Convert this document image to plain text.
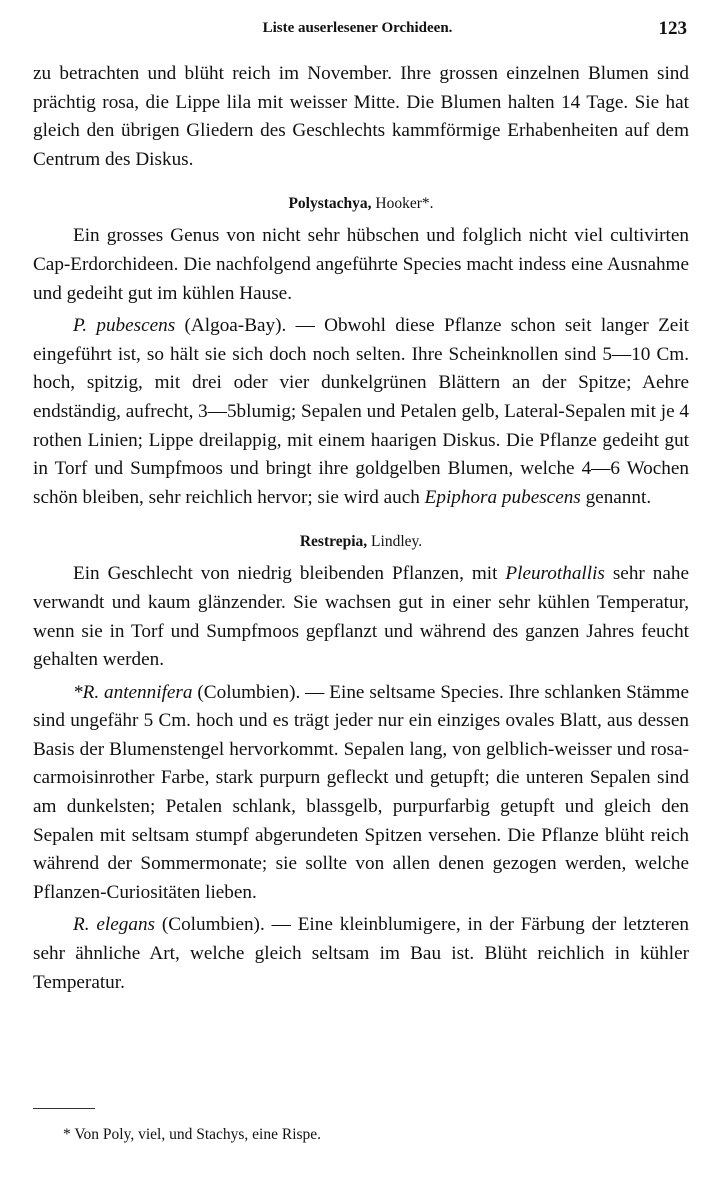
Liste auserlesener Orchideen.	123

zu betrachten und blüht reich im November. Ihre grossen einzelnen Blumen sind prächtig rosa, die Lippe lila mit weisser Mitte. Die Blumen halten 14 Tage. Sie hat gleich den übrigen Gliedern des Geschlechts kammförmige Erhabenheiten auf dem Centrum des Diskus.

Polystachya, Hooker*.

Ein grosses Genus von nicht sehr hübschen und folglich nicht viel cultivirten Cap-Erdorchideen. Die nachfolgend angeführte Species macht indess eine Ausnahme und gedeiht gut im kühlen Hause.

P. pubescens (Algoa-Bay). — Obwohl diese Pflanze schon seit langer Zeit eingeführt ist, so hält sie sich doch noch selten. Ihre Scheinknollen sind 5—10 Cm. hoch, spitzig, mit drei oder vier dunkelgrünen Blättern an der Spitze; Aehre endständig, aufrecht, 3—5blumig; Sepalen und Petalen gelb, Lateral-Sepalen mit je 4 rothen Linien; Lippe dreilappig, mit einem haarigen Diskus. Die Pflanze gedeiht gut in Torf und Sumpfmoos und bringt ihre goldgelben Blumen, welche 4—6 Wochen schön bleiben, sehr reichlich hervor; sie wird auch Epiphora pubescens genannt.

Restrepia, Lindley.

Ein Geschlecht von niedrig bleibenden Pflanzen, mit Pleurothallis sehr nahe verwandt und kaum glänzender. Sie wachsen gut in einer sehr kühlen Temperatur, wenn sie in Torf und Sumpfmoos gepflanzt und während des ganzen Jahres feucht gehalten werden.

*R. antennifera (Columbien). — Eine seltsame Species. Ihre schlanken Stämme sind ungefähr 5 Cm. hoch und es trägt jeder nur ein einziges ovales Blatt, aus dessen Basis der Blumenstengel hervorkommt. Sepalen lang, von gelblich-weisser und rosa-carmoisinrother Farbe, stark purpurn gefleckt und getupft; die unteren Sepalen sind am dunkelsten; Petalen schlank, blassgelb, purpurfarbig getupft und gleich den Sepalen mit seltsam stumpf abgerundeten Spitzen versehen. Die Pflanze blüht reich während der Sommermonate; sie sollte von allen denen gezogen werden, welche Pflanzen-Curiositäten lieben.

R. elegans (Columbien). — Eine kleinblumigere, in der Färbung der letzteren sehr ähnliche Art, welche gleich seltsam im Bau ist. Blüht reichlich in kühler Temperatur.

* Von Poly, viel, und Stachys, eine Rispe.
